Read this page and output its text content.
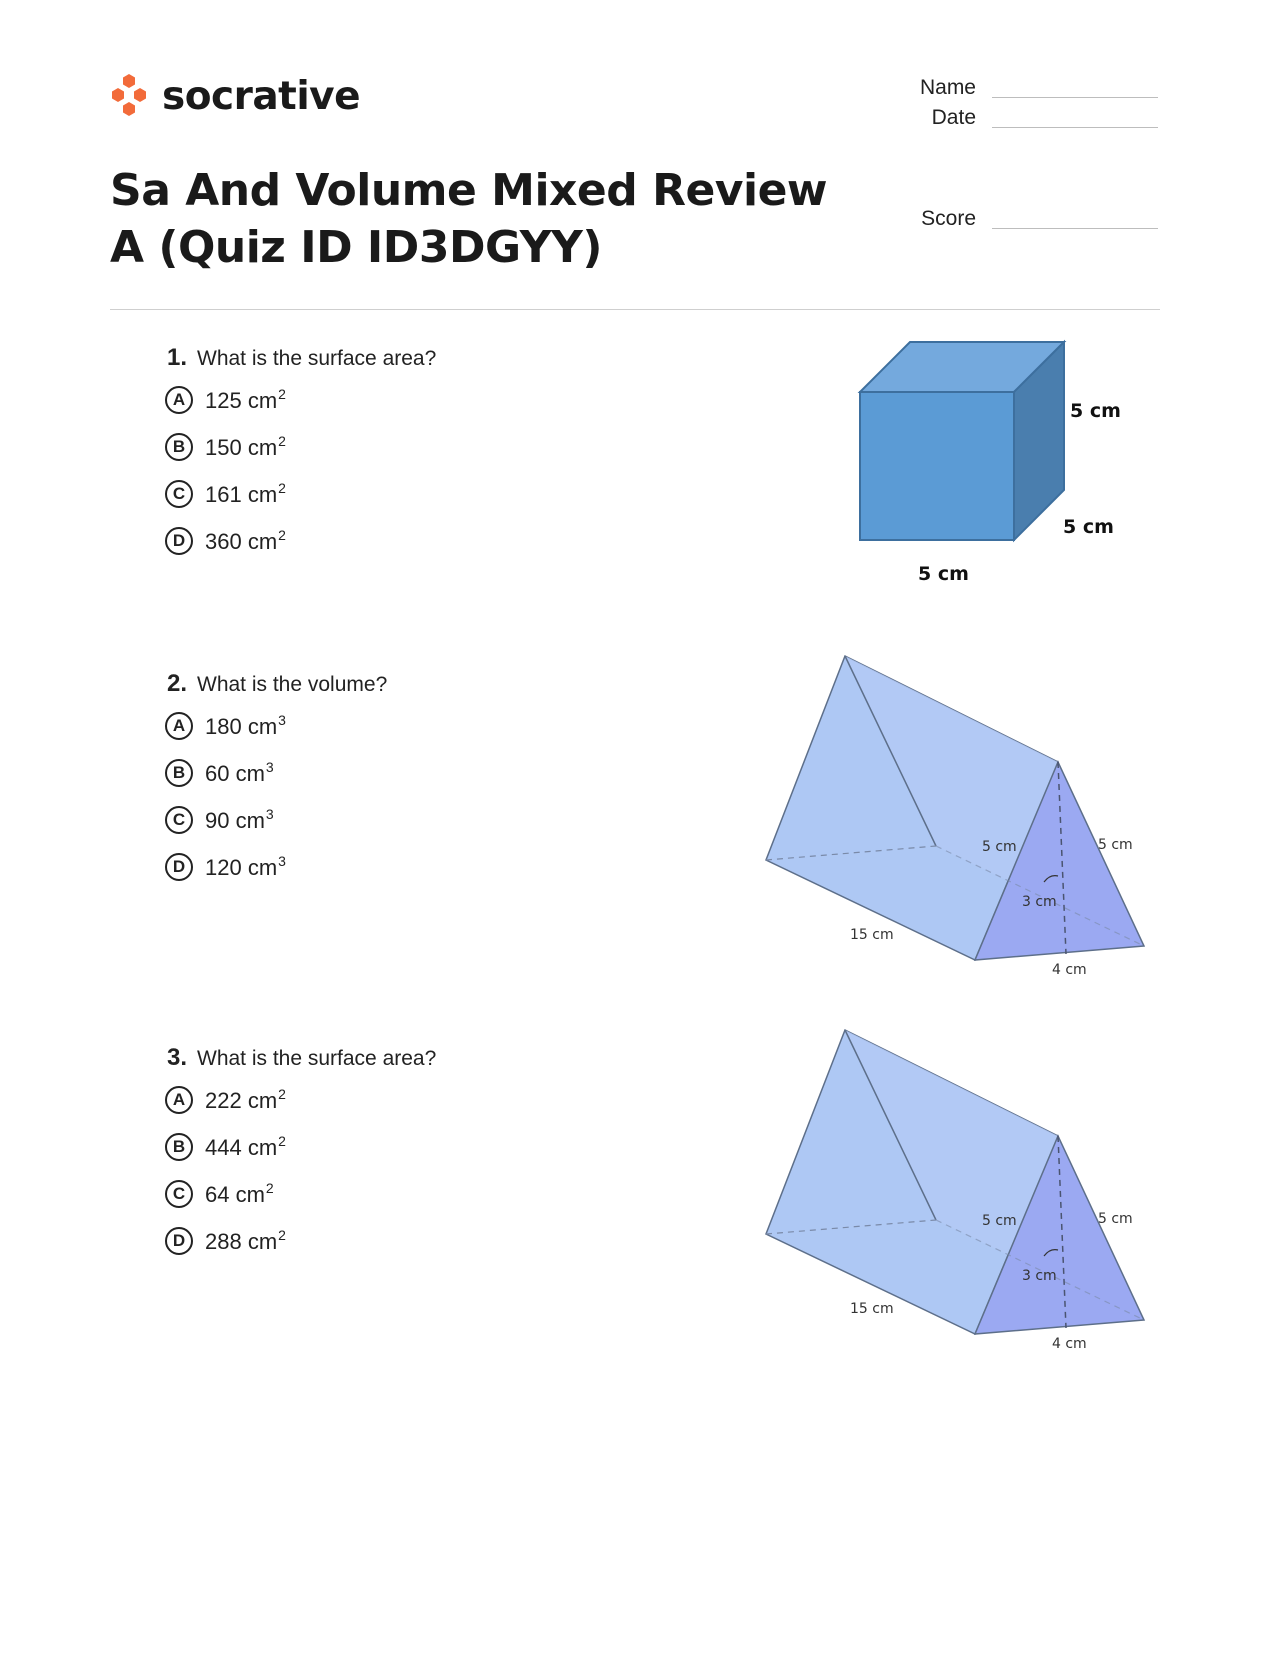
socrative	Name
Date
Score
Sa And Volume Mixed Review A (Quiz ID ID3DGYY)
1. What is the surface area?
A 125 $cm^2$
B 150 $cm^2$
C 161 $cm^2$
D 360 $cm^2$
2. What is the volume?
A 180 $cm^3$
B 60 $cm^3$
C 90 $cm^3$
D 120 $cm^3$
3. What is the surface area?
A 222 $cm^2$
B 444 $cm^2$
C 64 $cm^2$
D 288 $cm^2$
5 cm
5 cm
5 cm
5 cm	5 cm
3 cm
15 cm
4 cm
5 cm	5 cm
3 cm
15 cm
4 cm
